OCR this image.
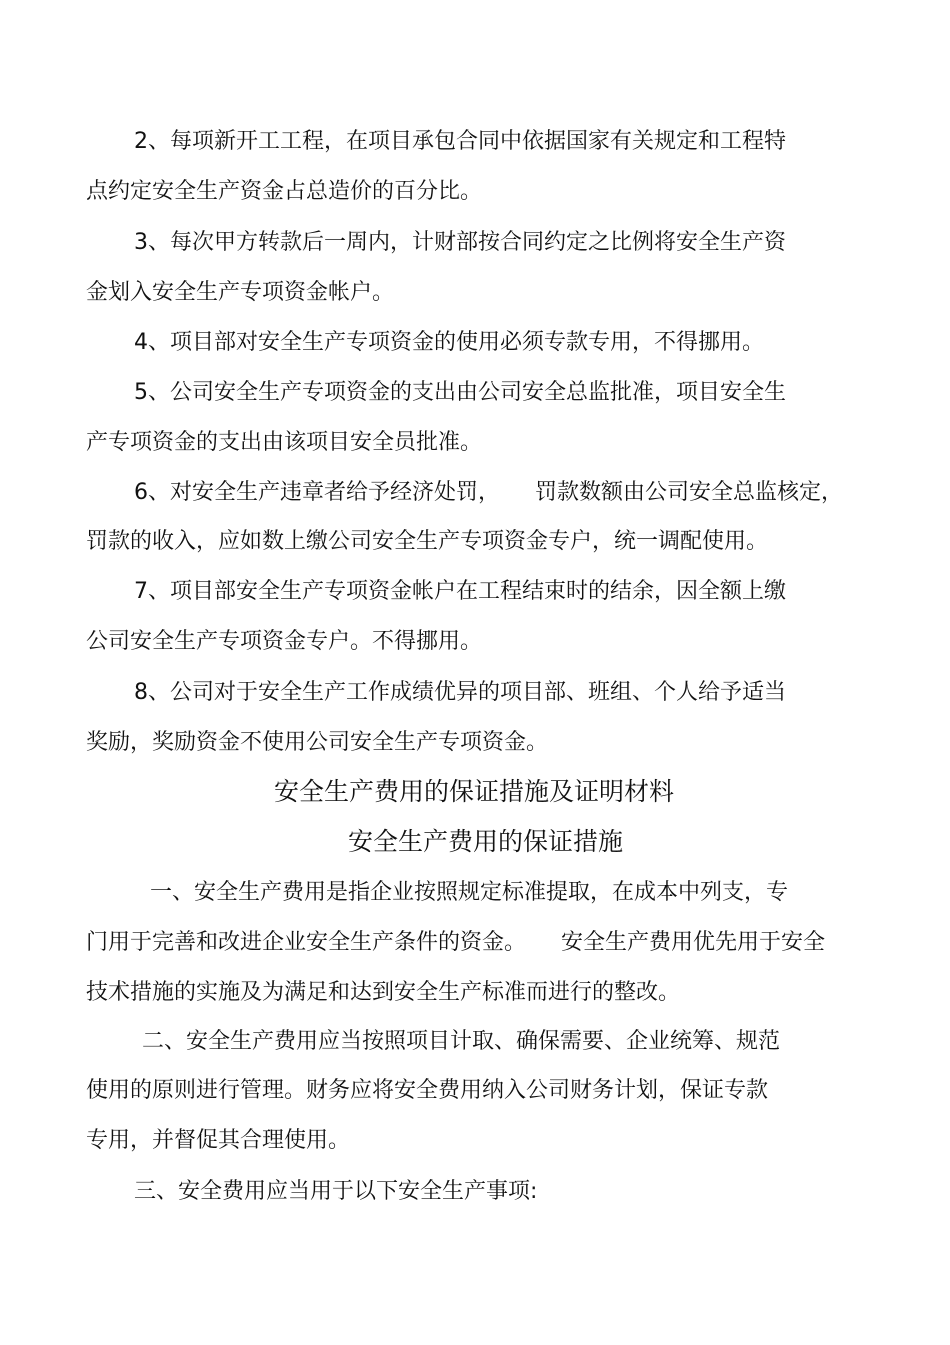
2、每项新开工工程，在项目承包合同中依据国家有关规定和工程特

点约定安全生产资金占总造价的百分比。

3、每次甲方转款后一周内，计财部按合同约定之比例将安全生产资

金划入安全生产专项资金帐户。

4、项目部对安全生产专项资金的使用必须专款专用，不得挪用。

5、公司安全生产专项资金的支出由公司安全总监批准，项目安全生

产专项资金的支出由该项目安全员批准。

6、对安全生产违章者给予经济处罚，     罚款数额由公司安全总监核定，

罚款的收入，应如数上缴公司安全生产专项资金专户，统一调配使用。

7、项目部安全生产专项资金帐户在工程结束时的结余，因全额上缴

公司安全生产专项资金专户。不得挪用。

8、公司对于安全生产工作成绩优异的项目部、班组、个人给予适当

奖励，奖励资金不使用公司安全生产专项资金。

安全生产费用的保证措施及证明材料

安全生产费用的保证措施

一、安全生产费用是指企业按照规定标准提取，在成本中列支，专

门用于完善和改进企业安全生产条件的资金。     安全生产费用优先用于安全

技术措施的实施及为满足和达到安全生产标准而进行的整改。

二、安全生产费用应当按照项目计取、确保需要、企业统筹、规范

使用的原则进行管理。财务应将安全费用纳入公司财务计划，保证专款

专用，并督促其合理使用。

三、安全费用应当用于以下安全生产事项:
